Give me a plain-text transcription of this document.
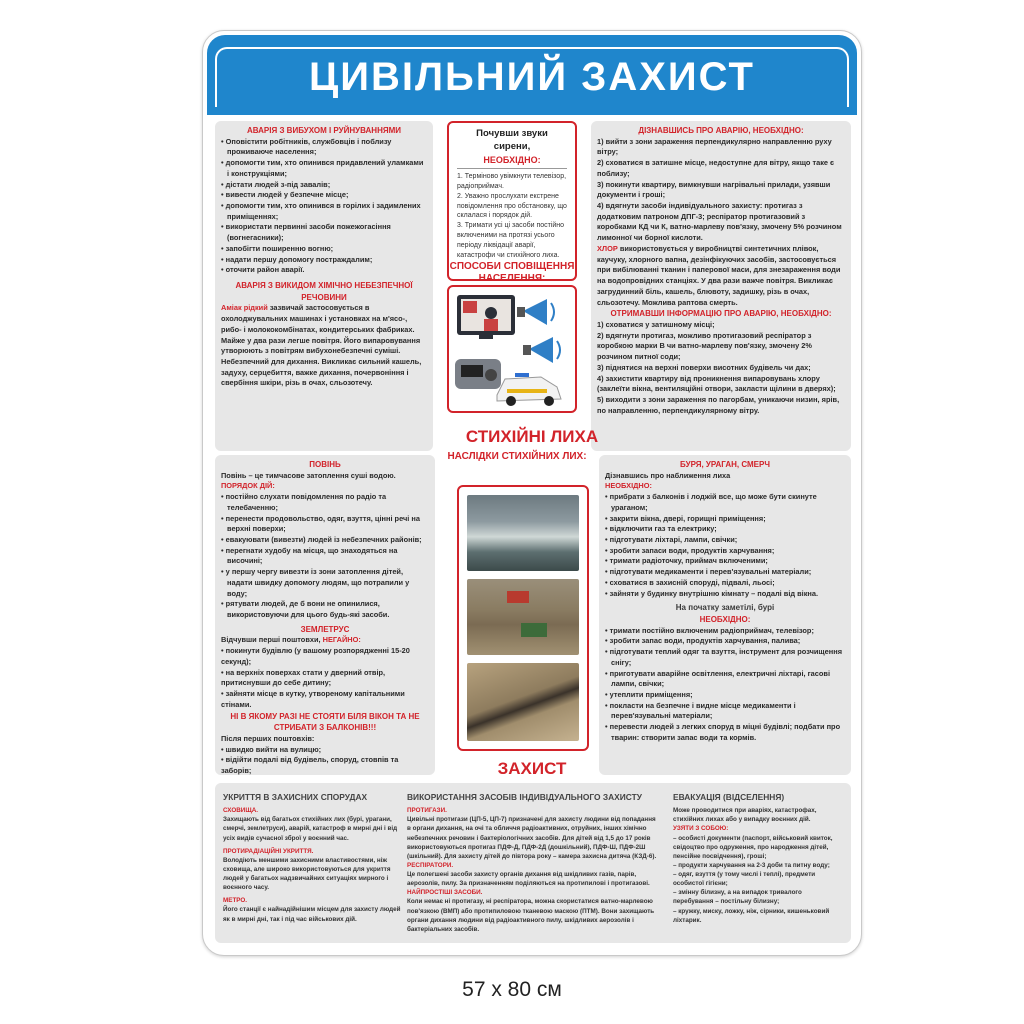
ЦИВІЛЬНИЙ ЗАХИСТ
АВАРІЯ З ВИБУХОМ І РУЙНУВАННЯМИ
• Оповістити робітників, службовців і поблизу проживаюче населення;
• допомогти тим, хто опинився придавлений уламками і конструкціями;
• дістати людей з-під завалів;
• вивести людей у безпечне місце;
• допомогти тим, хто опинився в горілих і задимлених приміщеннях;
• використати первинні засоби пожежогасіння (вогнегасники);
• запобігти поширенню вогню;
• надати першу допомогу постраждалим;
• оточити район аварії.
АВАРІЯ З ВИКИДОМ ХІМІЧНО НЕБЕЗПЕЧНОЇ РЕЧОВИНИ

Аміак рідкий зазвичай застосовується в охолоджувальних машинах і установках на м'ясо-, рибо- і молококомбінатах, кондитерських фабриках. Майже у два рази легше повітря. Його випаровування утворюють з повітрям вибухонебезпечні суміші. Небезпечний для дихання. Викликає сильний кашель, задуху, серцебиття, важке дихання, почервоніння і свербіння шкіри, різь в очах, сльозотечу.

Почувши звуки сирени,
НЕОБХІДНО:

1. Терміново увімкнути телевізор, радіоприймач.

2. Уважно прослухати екстрене повідомлення про обстановку, що склалася і порядок дій.

3. Тримати усі ці засоби постійно включеними на протязі усього періоду ліквідації аварії, катастрофи чи стихійного лиха.

СПОСОБИ СПОВІЩЕННЯ НАСЕЛЕННЯ:
ДІЗНАВШИСЬ ПРО АВАРІЮ, НЕОБХІДНО:

1) вийти з зони зараження перпендикулярно направленню руху вітру;

2) сховатися в затишне місце, недоступне для вітру, якщо таке є поблизу;

3) покинути квартиру, вимкнувши нагрівальні прилади, узявши документи і гроші;

4) вдягнути засоби індивідуального захисту: протигаз з додатковим патроном ДПГ-3; респіратор протигазовий з коробками КД чи К, ватно-марлеву пов'язку, змочену 5% розчином лимонної чи борної кислоти.

ХЛОР використовується у виробництві синтетичних плівок, каучуку, хлорного вапна, дезінфікуючих засобів, застосовується при вибілюванні тканин і паперової маси, для знезараження води на водопровідних станціях. У два рази важче повітря. Викликає загрудинний біль, кашель, блювоту, задишку, різь в очах, сльозотечу. Можлива раптова смерть.

ОТРИМАВШИ ІНФОРМАЦІЮ ПРО АВАРІЮ, НЕОБХІДНО:

1) сховатися у затишному місці;

2) вдягнути протигаз, можливо протигазовий респіратор з коробкою марки В чи ватно-марлеву пов'язку, змочену 2% розчином питної соди;

3) піднятися на верхні поверхи висотних будівель чи дах;

4) захистити квартиру від проникнення випаровувань хлору (заклеїти вікна, вентиляційні отвори, закласти щілини в дверях);

5) виходити з зони зараження по пагорбам, уникаючи низин, ярів, по направленню, перпендикулярному вітру.

СТИХІЙНІ ЛИХА
ПОВІНЬ

Повінь – це тимчасове затоплення суші водою.

ПОРЯДОК ДІЙ:

• постійно слухати повідомлення по радіо та телебаченню;
• перенести продовольство, одяг, взуття, цінні речі на верхні поверхи;
• евакуювати (вивезти) людей із небезпечних районів;
• перегнати худобу на місця, що знаходяться на височині;
• у першу чергу вивезти із зони затоплення дітей, надати швидку допомогу людям, що потрапили у воду;
• рятувати людей, де б вони не опинилися, використовуючи для цього будь-які засоби.
ЗЕМЛЕТРУС

Відчувши перші поштовхи, НЕГАЙНО:

• покинути будівлю (у вашому розпорядженні 15-20 секунд);

• на верхніх поверхах стати у дверний отвір, притиснувши до себе дитину;

• зайняти місце в кутку, утвореному капітальними стінами.

НІ В ЯКОМУ РАЗІ НЕ СТОЯТИ БІЛЯ ВІКОН ТА НЕ СТРИБАТИ З БАЛКОНІВ!!!

Після перших поштовхів:

• швидко вийти на вулицю;

• відійти подалі від будівель, споруд, стовпів та заборів;

НАСЛІДКИ СТИХІЙНИХ ЛИХ:
БУРЯ, УРАГАН, СМЕРЧ

Дізнавшись про наближення лиха

НЕОБХІДНО:

• прибрати з балконів і лоджій все, що може бути скинуте ураганом;
• закрити вікна, двері, горищні приміщення;
• відключити газ та електрику;
• підготувати ліхтарі, лампи, свічки;
• зробити запаси води, продуктів харчування;
• тримати радіоточку, приймач включеними;
• підготувати медикаменти і перев'язувальні матеріали;
• сховатися в захисній споруді, підвалі, льосі;
• зайняти у будинку внутрішню кімнату – подалі від вікна.
На початку заметілі, бурі
НЕОБХІДНО:
• тримати постійно включеним радіоприймач, телевізор;
• зробити запас води, продуктів харчування, палива;
• підготувати теплий одяг та взуття, інструмент для розчищення снігу;
• приготувати аварійне освітлення, електричні ліхтарі, гасові лампи, свічки;
• утеплити приміщення;
• покласти на безпечне і видне місце медикаменти і перев'язувальні матеріали;
• перевести людей з легких споруд в міцні будівлі; подбати про тварин: створити запас води та кормів.
ЗАХИСТ
УКРИТТЯ В ЗАХИСНИХ СПОРУДАХ
СХОВИЩА.
Захищають від багатьох стихійних лих (бурі, урагани, смерчі, землетруси), аварій, катастроф в мирні дні і від усіх видів сучасної зброї у воєнний час.
ПРОТИРАДІАЦІЙНІ УКРИТТЯ.
Володіють меншими захисними властивостями, ніж сховища, але широко використовуються для укриття людей у багатьох надзвичайних ситуаціях мирного і воєнного часу.
МЕТРО.
Його станції є найнадійнішим місцем для захисту людей як в мирні дні, так і під час військових дій.
ВИКОРИСТАННЯ ЗАСОБІВ ІНДИВІДУАЛЬНОГО ЗАХИСТУ
ПРОТИГАЗИ.
Цивільні протигази (ЦП-5, ЦП-7) призначені для захисту людини від попадання в органи дихання, на очі та обличчя радіоактивних, отруйних, інших хімічно небезпечних речовин і бактеріологічних засобів. Для дітей від 1,5 до 17 років використовуються протигаз ПДФ-Д, ПДФ-2Д (дошкільний), ПДФ-Ш, ПДФ-2Ш (шкільний). Для захисту дітей до півтора року – камера захисна дитяча (КЗД-6).
РЕСПІРАТОРИ.
Це полегшені засоби захисту органів дихання від шкідливих газів, парів, аерозолів, пилу. За призначенням поділяються на протипилові і протигазові.
НАЙПРОСТІШІ ЗАСОБИ.
Коли немає ні протигазу, ні респіратора, можна скористатися ватно-марлевою пов'язкою (ВМП) або протипиловою тканевою маскою (ПТМ). Вони захищають органи дихання людини від радіоактивного пилу, шкідливих аерозолів і бактеріальних засобів.
ЕВАКУАЦІЯ (ВІДСЕЛЕННЯ)
Може проводитися при аваріях, катастрофах, стихійних лихах або у випадку воєнних дій.
УЗЯТИ З СОБОЮ:
– особисті документи (паспорт, військовий квиток, свідоцтво про одруження, про народження дітей, пенсійне посвідчення), гроші;
– продукти харчування на 2-3 доби та питну воду;
– одяг, взуття (у тому числі і теплі), предмети особистої гігієни;
– змінну білизну, а на випадок тривалого перебування – постільну білизну;
– кружку, миску, ложку, ніж, сірники, кишеньковий ліхтарик.
57 x 80 см
